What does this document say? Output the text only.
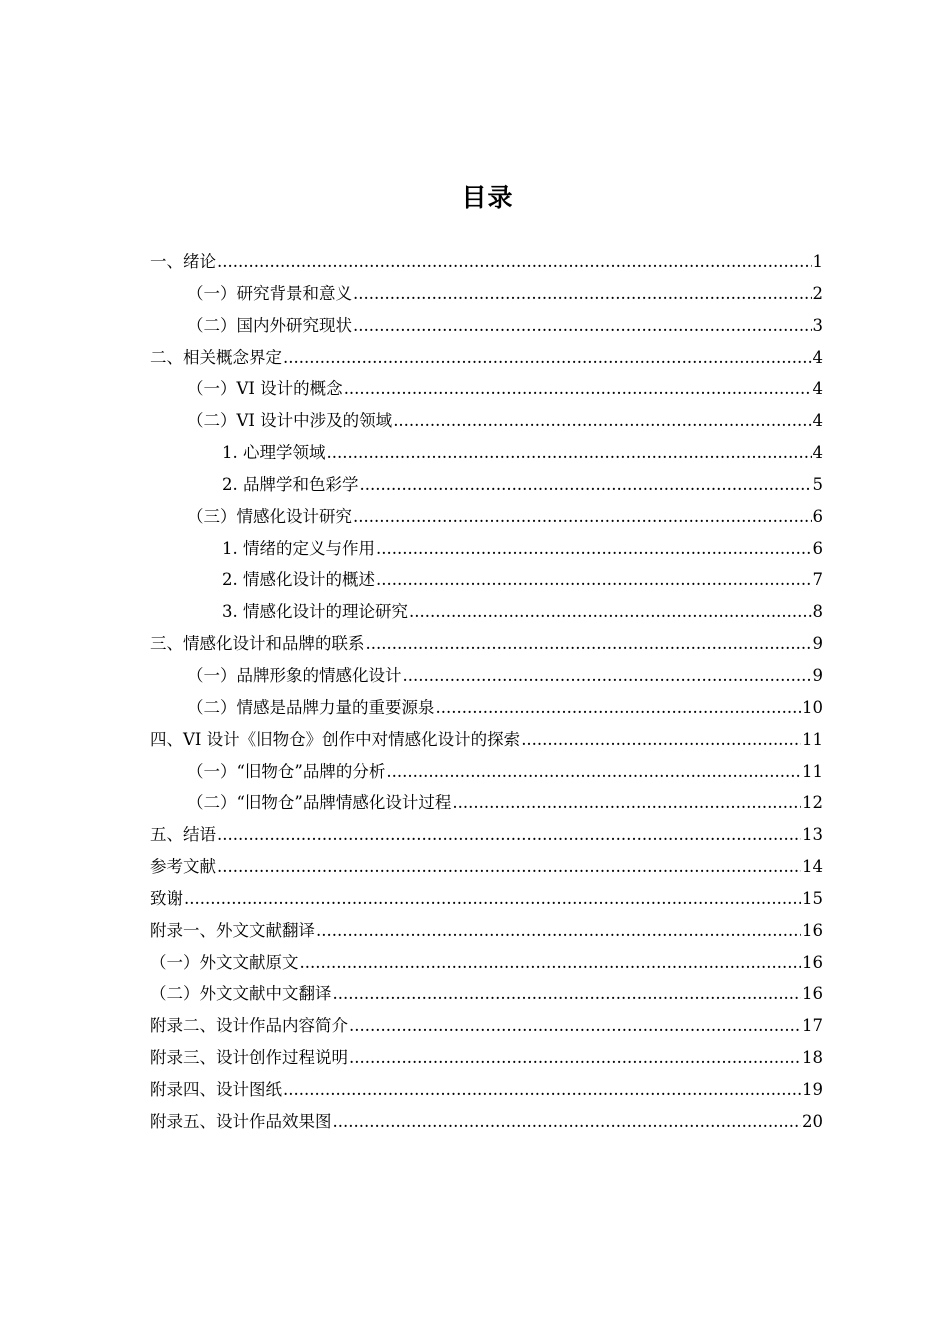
目录
一、绪论 .....	1
（一）研究背景和意义 .....	2
（二）国内外研究现状 .....	3
二、相关概念界定 .....	4
（一）VI 设计的概念 .....	4
（二）VI 设计中涉及的领域 .....	4
1. 心理学领域 .....	4
2. 品牌学和色彩学 .....	5
（三）情感化设计研究 .....	6
1. 情绪的定义与作用 .....	6
2. 情感化设计的概述 .....	7
3. 情感化设计的理论研究 .....	8
三、情感化设计和品牌的联系 .....	9
（一）品牌形象的情感化设计 .....	9
（二）情感是品牌力量的重要源泉 .....	10
四、VI 设计《旧物仓》创作中对情感化设计的探索 .....	11
（一）“旧物仓”品牌的分析 .....	11
（二）“旧物仓”品牌情感化设计过程 .....	12
五、结语 .....	13
参考文献 .....	14
致谢 .....	15
附录一、外文文献翻译 .....	16
（一）外文文献原文 .....	16
（二）外文文献中文翻译 .....	16
附录二、设计作品内容简介 .....	17
附录三、设计创作过程说明 .....	18
附录四、设计图纸 .....	19
附录五、设计作品效果图 .....	20
